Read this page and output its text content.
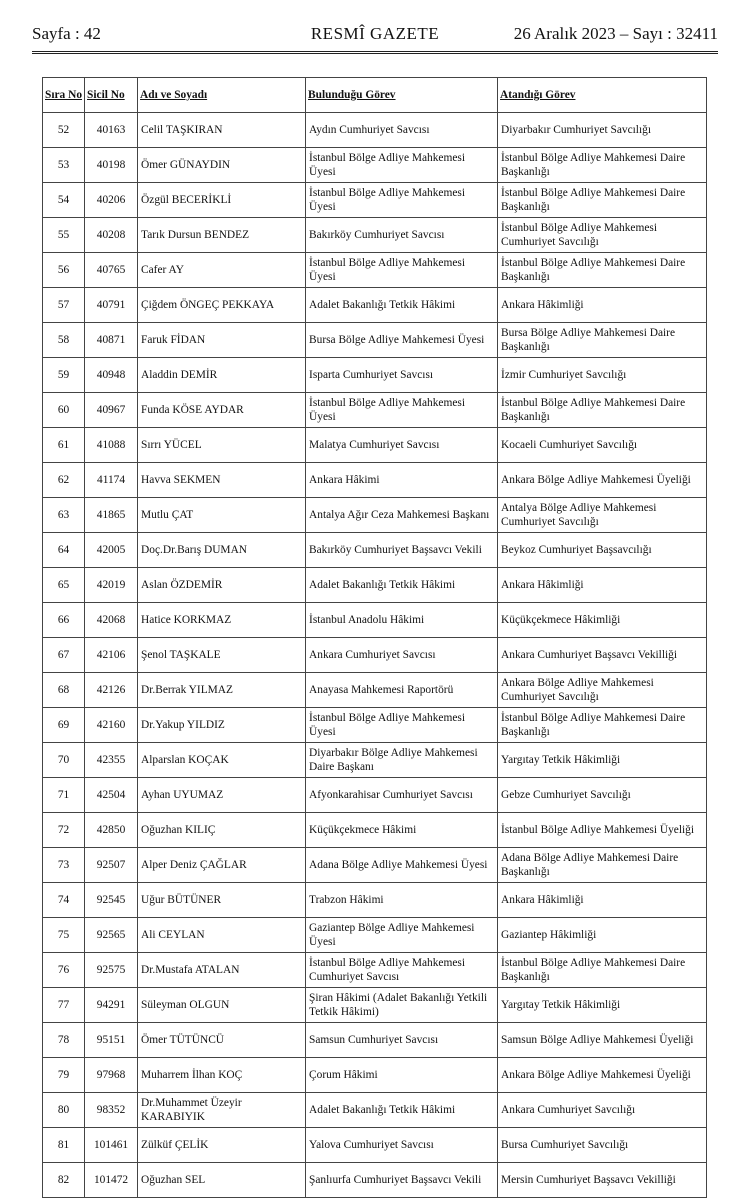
Sayfa : 42	RESMÎ GAZETE	26 Aralık 2023 – Sayı : 32411
Sıra No	Sicil No	Adı ve Soyadı	Bulunduğu Görev	Atandığı Görev
52	40163	Celil TAŞKIRAN	Aydın Cumhuriyet Savcısı	Diyarbakır Cumhuriyet Savcılığı
53	40198	Ömer GÜNAYDIN	İstanbul Bölge Adliye Mahkemesi Üyesi	İstanbul Bölge Adliye Mahkemesi Daire Başkanlığı
54	40206	Özgül BECERİKLİ	İstanbul Bölge Adliye Mahkemesi Üyesi	İstanbul Bölge Adliye Mahkemesi Daire Başkanlığı
55	40208	Tarık Dursun BENDEZ	Bakırköy Cumhuriyet Savcısı	İstanbul Bölge Adliye Mahkemesi Cumhuriyet Savcılığı
56	40765	Cafer AY	İstanbul Bölge Adliye Mahkemesi Üyesi	İstanbul Bölge Adliye Mahkemesi Daire Başkanlığı
57	40791	Çiğdem ÖNGEÇ PEKKAYA	Adalet Bakanlığı Tetkik Hâkimi	Ankara Hâkimliği
58	40871	Faruk FİDAN	Bursa Bölge Adliye Mahkemesi Üyesi	Bursa Bölge Adliye Mahkemesi Daire Başkanlığı
59	40948	Aladdin DEMİR	Isparta Cumhuriyet Savcısı	İzmir Cumhuriyet Savcılığı
60	40967	Funda KÖSE AYDAR	İstanbul Bölge Adliye Mahkemesi Üyesi	İstanbul Bölge Adliye Mahkemesi Daire Başkanlığı
61	41088	Sırrı YÜCEL	Malatya Cumhuriyet Savcısı	Kocaeli Cumhuriyet Savcılığı
62	41174	Havva SEKMEN	Ankara Hâkimi	Ankara Bölge Adliye Mahkemesi Üyeliği
63	41865	Mutlu ÇAT	Antalya Ağır Ceza Mahkemesi Başkanı	Antalya Bölge Adliye Mahkemesi Cumhuriyet Savcılığı
64	42005	Doç.Dr.Barış DUMAN	Bakırköy Cumhuriyet Başsavcı Vekili	Beykoz Cumhuriyet Başsavcılığı
65	42019	Aslan ÖZDEMİR	Adalet Bakanlığı Tetkik Hâkimi	Ankara Hâkimliği
66	42068	Hatice KORKMAZ	İstanbul Anadolu Hâkimi	Küçükçekmece Hâkimliği
67	42106	Şenol TAŞKALE	Ankara Cumhuriyet Savcısı	Ankara Cumhuriyet Başsavcı Vekilliği
68	42126	Dr.Berrak YILMAZ	Anayasa Mahkemesi Raportörü	Ankara Bölge Adliye Mahkemesi Cumhuriyet Savcılığı
69	42160	Dr.Yakup YILDIZ	İstanbul Bölge Adliye Mahkemesi Üyesi	İstanbul Bölge Adliye Mahkemesi Daire Başkanlığı
70	42355	Alparslan KOÇAK	Diyarbakır Bölge Adliye Mahkemesi Daire Başkanı	Yargıtay Tetkik Hâkimliği
71	42504	Ayhan UYUMAZ	Afyonkarahisar Cumhuriyet Savcısı	Gebze Cumhuriyet Savcılığı
72	42850	Oğuzhan KILIÇ	Küçükçekmece Hâkimi	İstanbul Bölge Adliye Mahkemesi Üyeliği
73	92507	Alper Deniz ÇAĞLAR	Adana Bölge Adliye Mahkemesi Üyesi	Adana Bölge Adliye Mahkemesi Daire Başkanlığı
74	92545	Uğur BÜTÜNER	Trabzon Hâkimi	Ankara Hâkimliği
75	92565	Ali CEYLAN	Gaziantep Bölge Adliye Mahkemesi Üyesi	Gaziantep Hâkimliği
76	92575	Dr.Mustafa ATALAN	İstanbul Bölge Adliye Mahkemesi Cumhuriyet Savcısı	İstanbul Bölge Adliye Mahkemesi Daire Başkanlığı
77	94291	Süleyman OLGUN	Şiran Hâkimi (Adalet Bakanlığı Yetkili Tetkik Hâkimi)	Yargıtay Tetkik Hâkimliği
78	95151	Ömer TÜTÜNCÜ	Samsun Cumhuriyet Savcısı	Samsun Bölge Adliye Mahkemesi Üyeliği
79	97968	Muharrem İlhan KOÇ	Çorum Hâkimi	Ankara Bölge Adliye Mahkemesi Üyeliği
80	98352	Dr.Muhammet Üzeyir KARABIYIK	Adalet Bakanlığı Tetkik Hâkimi	Ankara Cumhuriyet Savcılığı
81	101461	Zülküf ÇELİK	Yalova Cumhuriyet Savcısı	Bursa Cumhuriyet Savcılığı
82	101472	Oğuzhan SEL	Şanlıurfa Cumhuriyet Başsavcı Vekili	Mersin Cumhuriyet Başsavcı Vekilliği
